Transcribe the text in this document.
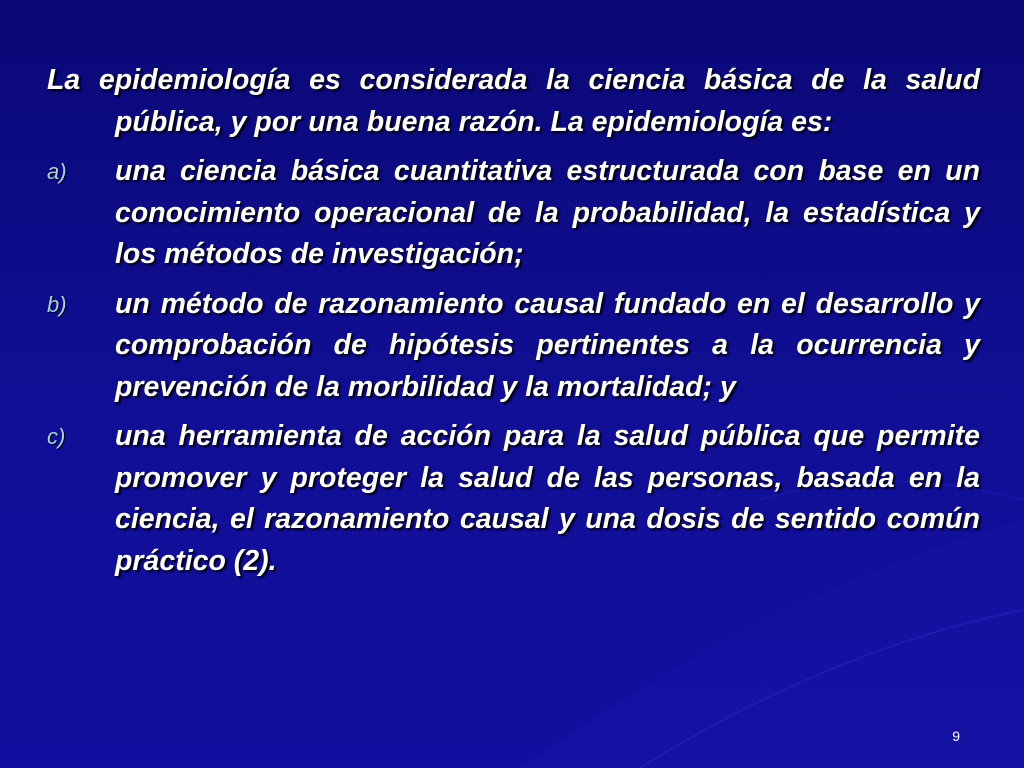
La epidemiología es considerada la ciencia básica de la salud pública, y por una buena razón. La epidemiología es:

a) una ciencia básica cuantitativa estructurada con base en un conocimiento operacional de la probabilidad, la estadística y los métodos de investigación;
b) un método de razonamiento causal fundado en el desarrollo y comprobación de hipótesis pertinentes a la ocurrencia y prevención de la morbilidad y la mortalidad; y
c) una herramienta de acción para la salud pública que permite promover y proteger la salud de las personas, basada en la ciencia, el razonamiento causal y una dosis de sentido común práctico (2).
9
